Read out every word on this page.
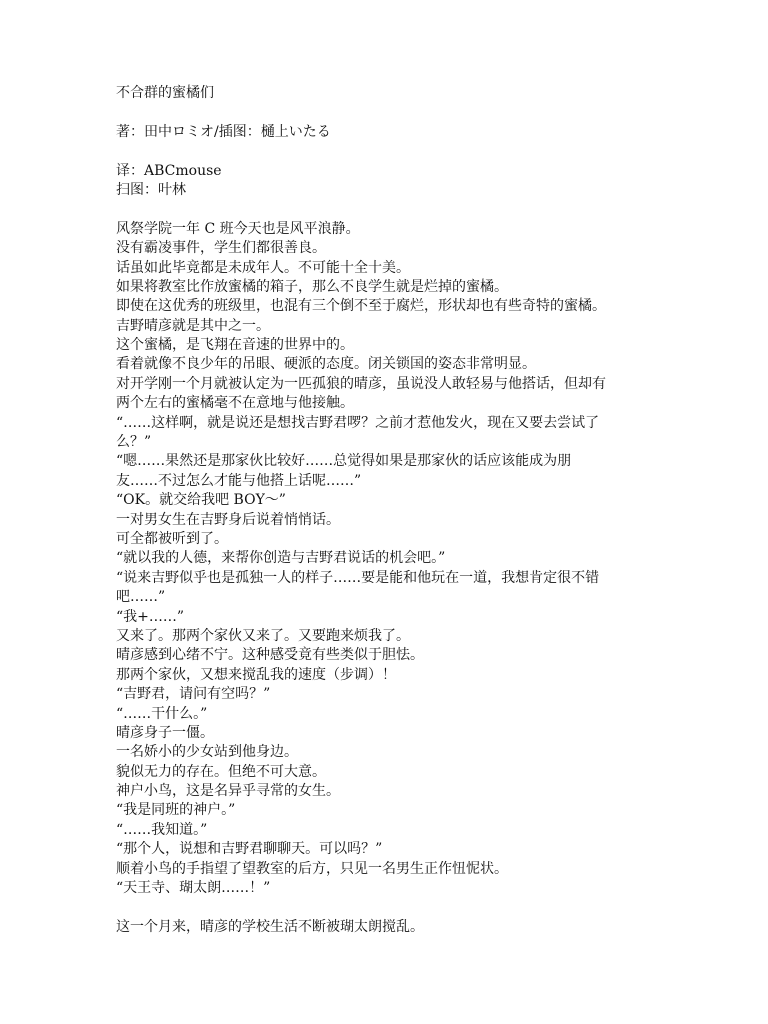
不合群的蜜橘们

著：田中ロミオ/插图：樋上いたる

译：ABCmouse

扫图：叶林

风祭学院一年 C 班今天也是风平浪静。

没有霸凌事件，学生们都很善良。

话虽如此毕竟都是未成年人。不可能十全十美。

如果将教室比作放蜜橘的箱子，那么不良学生就是烂掉的蜜橘。

即使在这优秀的班级里，也混有三个倒不至于腐烂，形状却也有些奇特的蜜橘。

吉野晴彦就是其中之一。

这个蜜橘，是飞翔在音速的世界中的。

看着就像不良少年的吊眼、硬派的态度。闭关锁国的姿态非常明显。

对开学刚一个月就被认定为一匹孤狼的晴彦，虽说没人敢轻易与他搭话，但却有

两个左右的蜜橘毫不在意地与他接触。

“……这样啊，就是说还是想找吉野君啰？之前才惹他发火，现在又要去尝试了

么？”

“嗯……果然还是那家伙比较好……总觉得如果是那家伙的话应该能成为朋

友……不过怎么才能与他搭上话呢……”

“OK。就交给我吧 BOY～”

一对男女生在吉野身后说着悄悄话。

可全都被听到了。

“就以我的人德，来帮你创造与吉野君说话的机会吧。”

“说来吉野似乎也是孤独一人的样子……要是能和他玩在一道，我想肯定很不错

吧……”

“我+……”

又来了。那两个家伙又来了。又要跑来烦我了。

晴彦感到心绪不宁。这种感受竟有些类似于胆怯。

那两个家伙，又想来搅乱我的速度（步调）！

“吉野君，请问有空吗？”

“……干什么。”

晴彦身子一僵。

一名娇小的少女站到他身边。

貌似无力的存在。但绝不可大意。

神户小鸟，这是名异乎寻常的女生。

“我是同班的神户。”

“……我知道。”

“那个人，说想和吉野君聊聊天。可以吗？”

顺着小鸟的手指望了望教室的后方，只见一名男生正作忸怩状。

“天王寺、瑚太朗……！”

这一个月来，晴彦的学校生活不断被瑚太朗搅乱。
